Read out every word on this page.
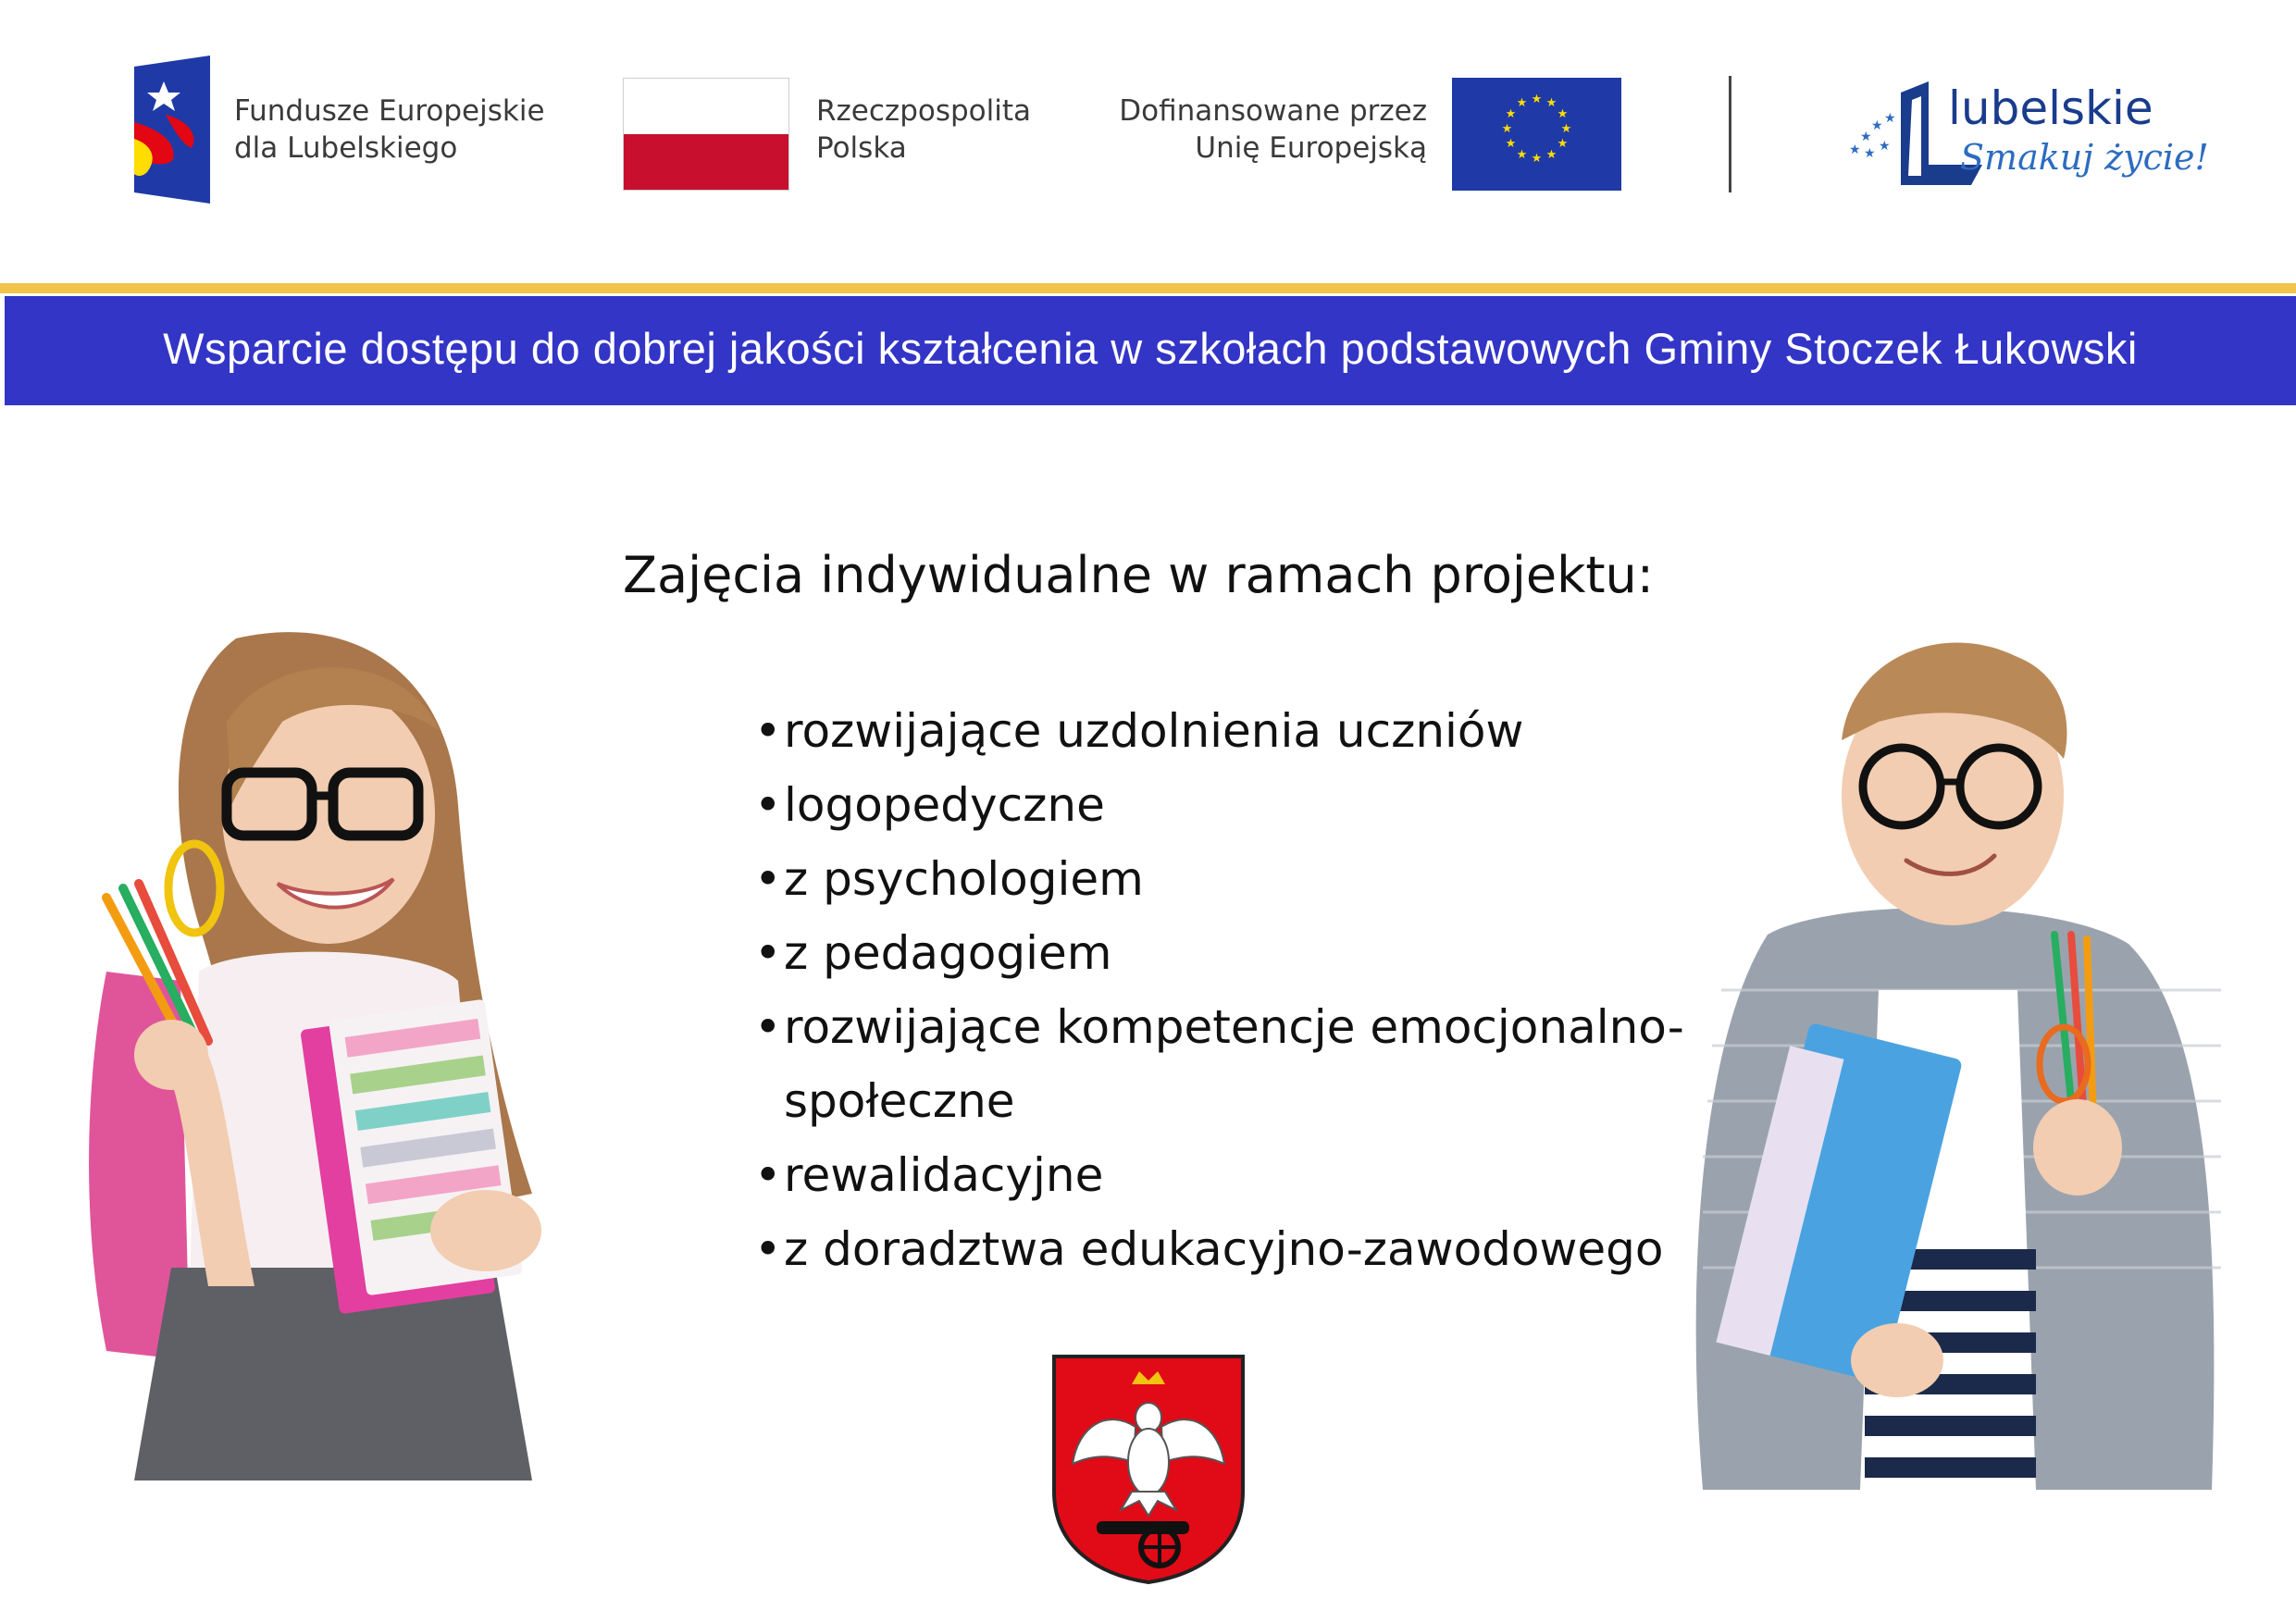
Fundusze Europejskie
dla Lubelskiego
Rzeczpospolita
Polska
Dofinansowane przez
Unię Europejską
★ ★
★
★
★
★
★
★
★
★
★
★
★
★ ★
★ ★ ★
lubelskie
Smakuj życie!
Wsparcie dostępu do dobrej jakości kształcenia w szkołach podstawowych Gminy Stoczek Łukowski
Zajęcia indywidualne w ramach projektu:
• rozwijające uzdolnienia uczniów
• logopedyczne
• z psychologiem
• z pedagogiem
• rozwijające kompetencje emocjonalno-społeczne
• rewalidacyjne
• z doradztwa edukacyjno-zawodowego
